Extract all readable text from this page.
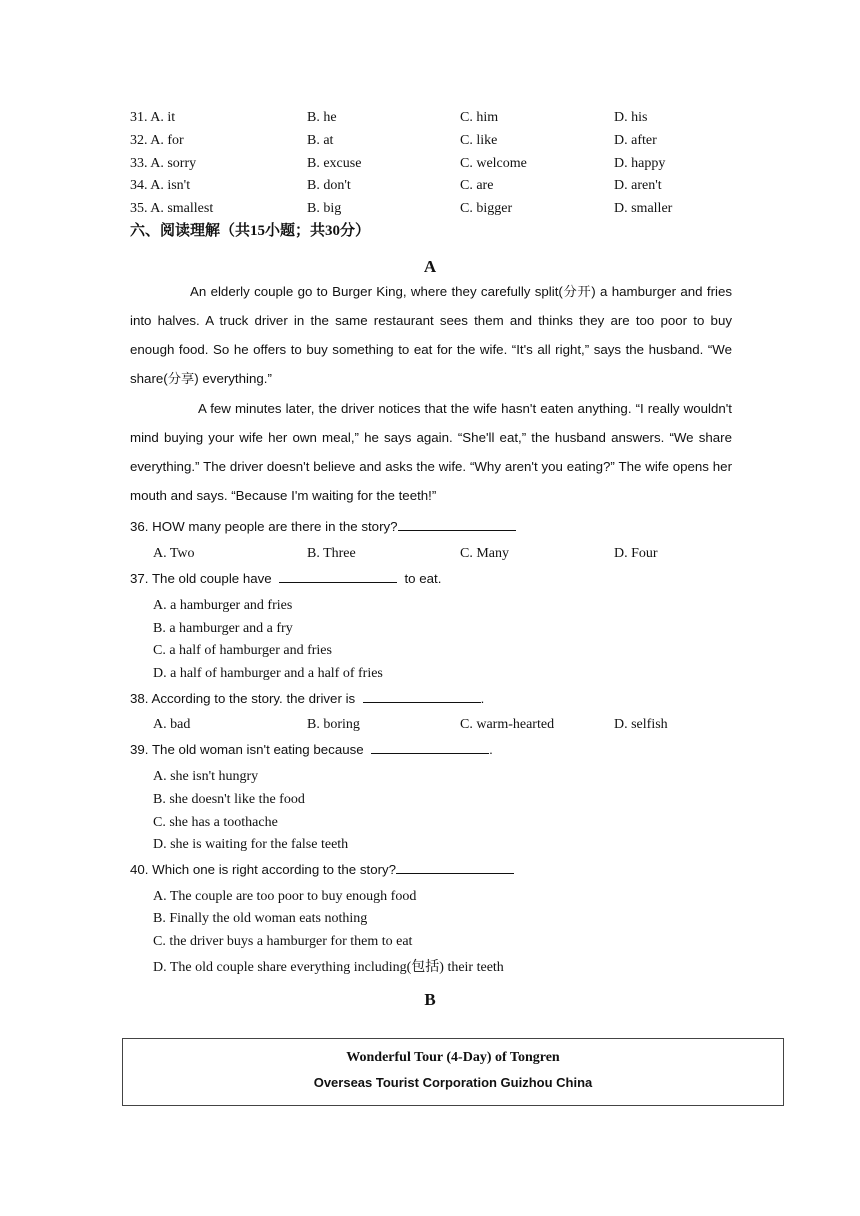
31. A. it	B. he	C. him	D. his
32. A. for	B. at	C. like	D. after
33. A. sorry	B. excuse	C. welcome	D. happy
34. A. isn't	B. don't	C. are	D. aren't
35. A. smallest	B. big	C. bigger	D. smaller
六、阅读理解（共15小题；共30分）
A
An elderly couple go to Burger King, where they carefully split(分开) a hamburger and fries into halves. A truck driver in the same restaurant sees them and thinks they are too poor to buy enough food. So he offers to buy something to eat for the wife. “It's all right,” says the husband. “We share(分享) everything.”
A few minutes later, the driver notices that the wife hasn't eaten anything. “I really wouldn't mind buying your wife her own meal,” he says again. “She'll eat,” the husband answers. “We share everything.” The driver doesn't believe and asks the wife. “Why aren't you eating?” The wife opens her mouth and says. “Because I'm waiting for the teeth!”
36. HOW many people are there in the story?
A. Two	B. Three	C. Many	D. Four
37. The old couple have	to eat.
A. a hamburger and fries
B. a hamburger and a fry
C. a half of hamburger and fries
D. a half of hamburger and a half of fries
38. According to the story. the driver is	.
A. bad	B. boring	C. warm-hearted	D. selfish
39. The old woman isn't eating because	.
A. she isn't hungry
B. she doesn't like the food
C. she has a toothache
D. she is waiting for the false teeth
40. Which one is right according to the story?
A. The couple are too poor to buy enough food
B. Finally the old woman eats nothing
C. the driver buys a hamburger for them to eat
D. The old couple share everything including(包括) their teeth
B
Wonderful Tour (4-Day) of Tongren
Overseas Tourist Corporation Guizhou China
